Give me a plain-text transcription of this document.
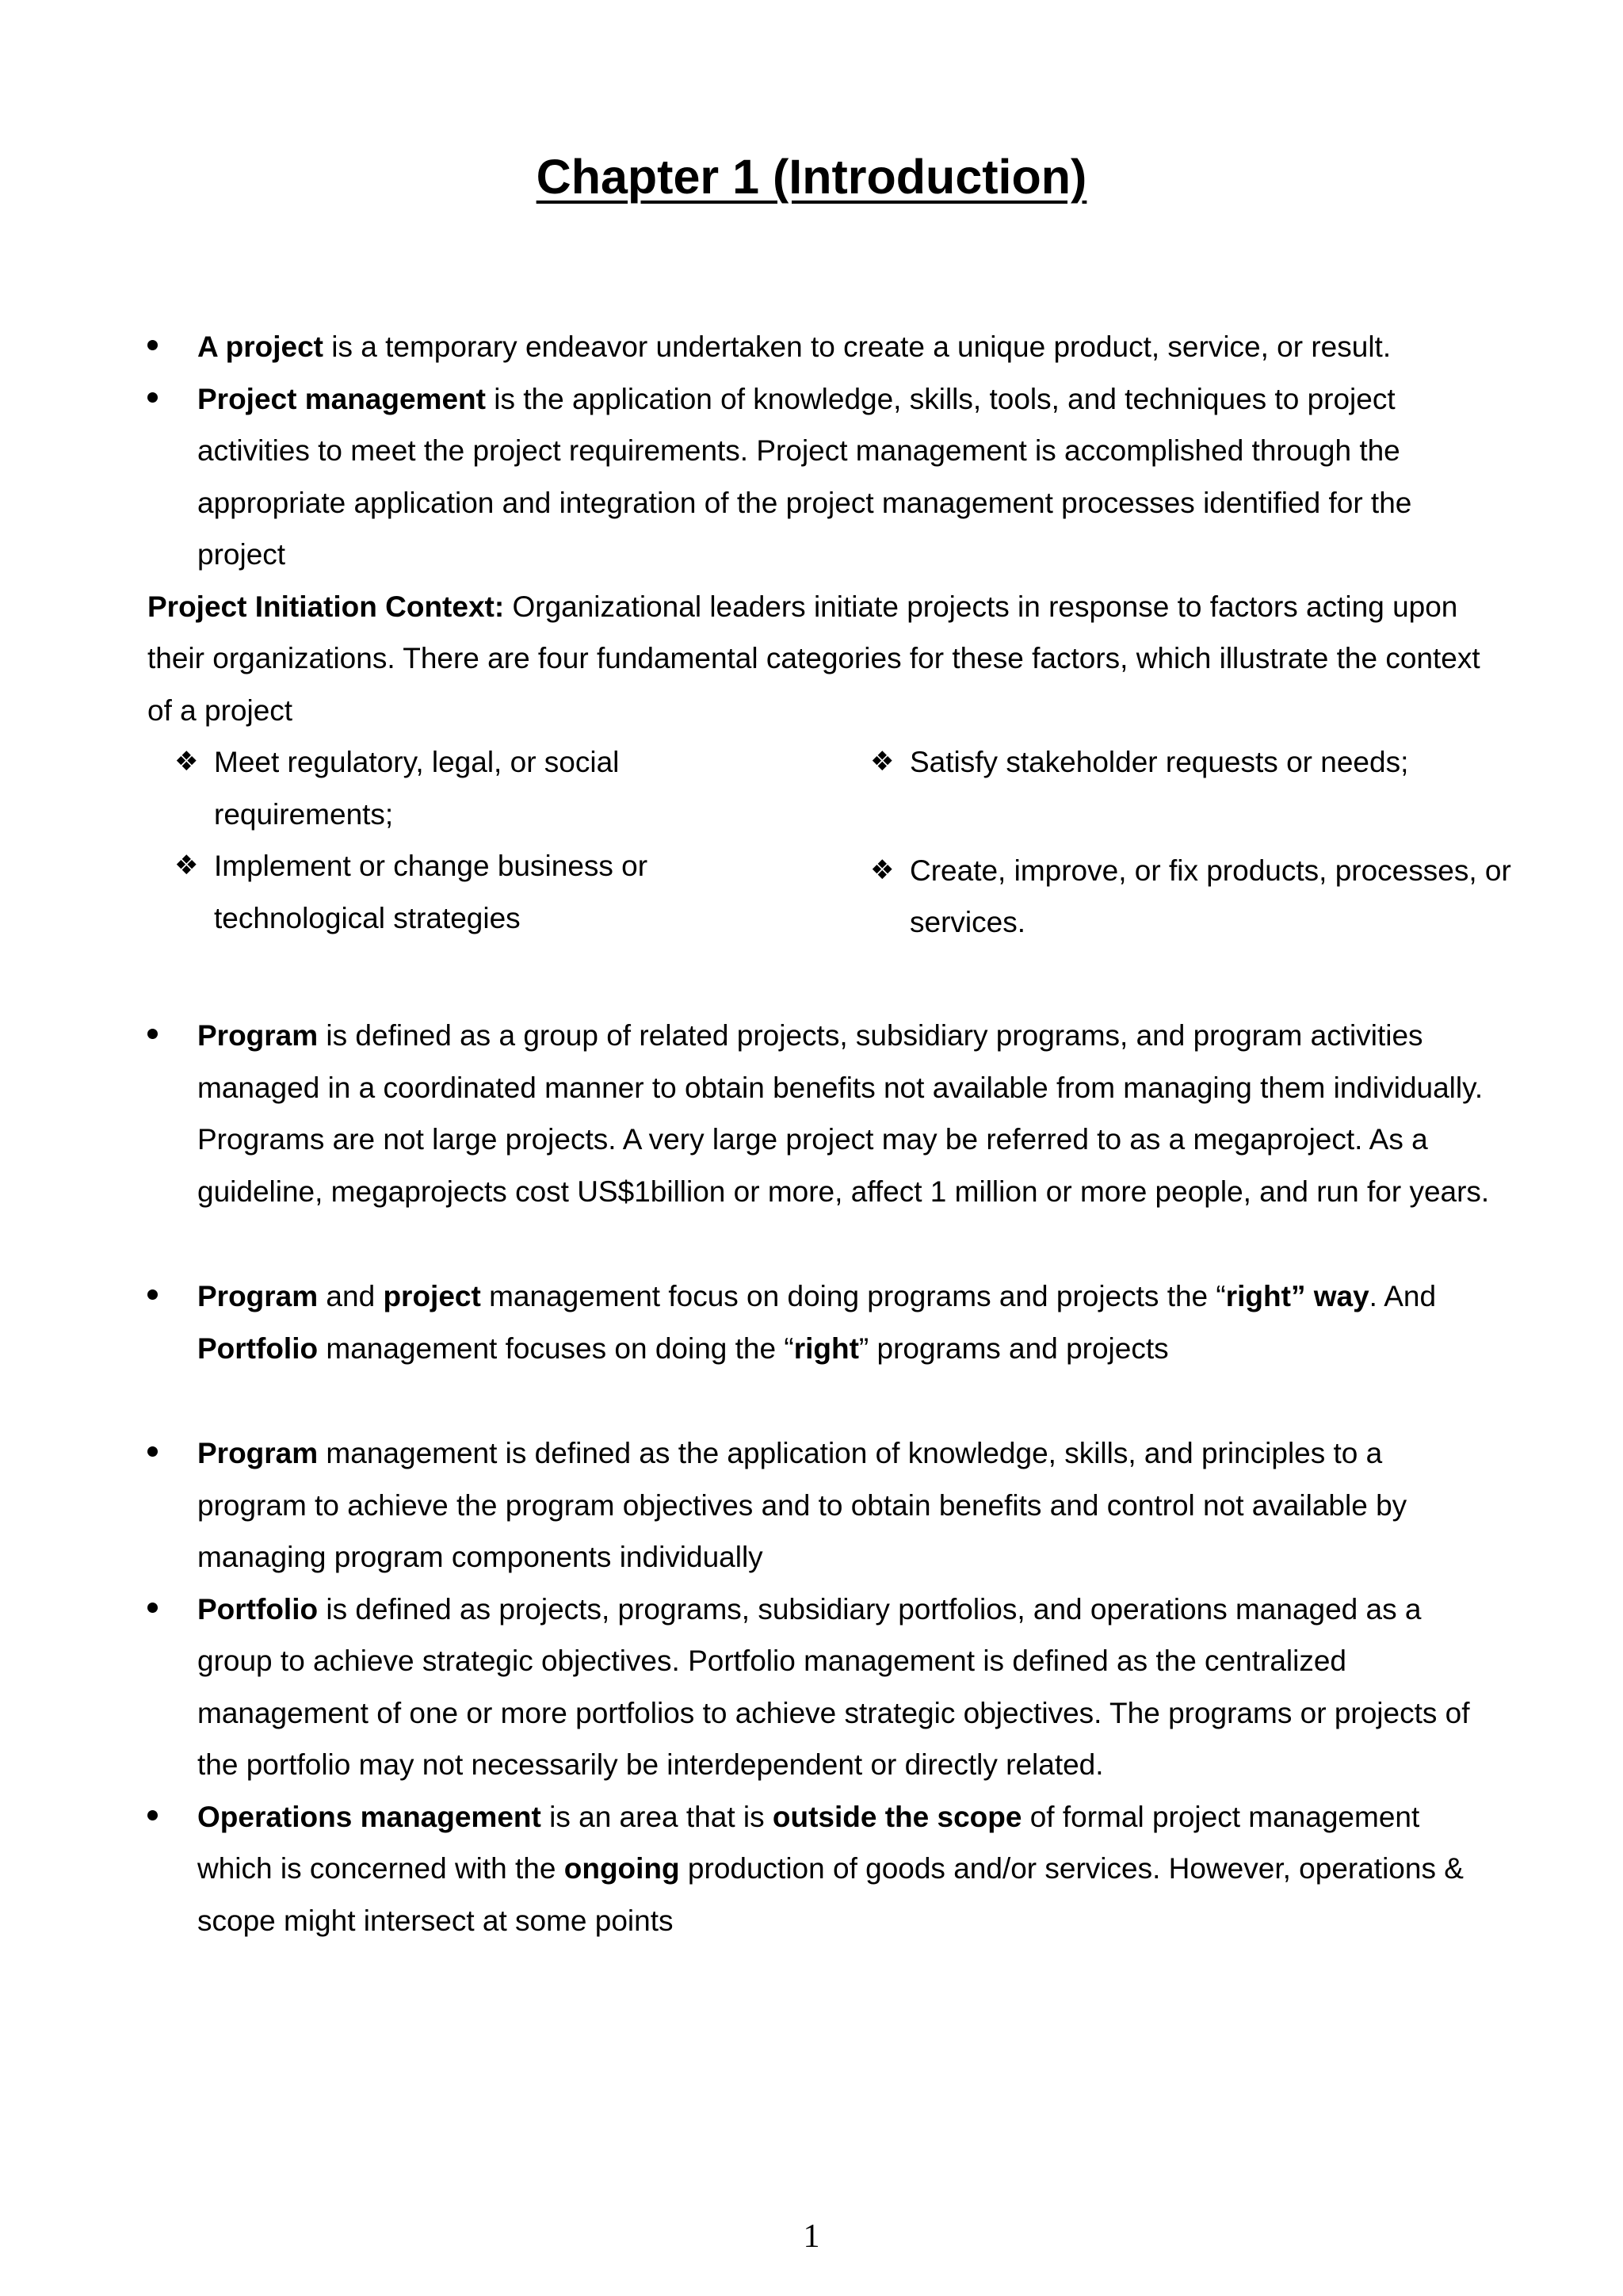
Chapter 1 (Introduction)
A project is a temporary endeavor undertaken to create a unique product, service, or result.
Project management is the application of knowledge, skills, tools, and techniques to project
activities to meet the project requirements. Project management is accomplished through the
appropriate application and integration of the project management processes identified for the
project
Project Initiation Context: Organizational leaders initiate projects in response to factors acting upon
their organizations. There are four fundamental categories for these factors, which illustrate the context
of a project
❖ Meet regulatory, legal, or social
requirements;
❖ Implement or change business or
technological strategies
❖ Satisfy stakeholder requests or needs;
❖ Create, improve, or fix products, processes, or
services.
Program is defined as a group of related projects, subsidiary programs, and program activities
managed in a coordinated manner to obtain benefits not available from managing them individually.
Programs are not large projects. A very large project may be referred to as a megaproject. As a
guideline, megaprojects cost US$1billion or more, affect 1 million or more people, and run for years.
Program and project management focus on doing programs and projects the “right” way. And
Portfolio management focuses on doing the “right” programs and projects
Program management is defined as the application of knowledge, skills, and principles to a
program to achieve the program objectives and to obtain benefits and control not available by
managing program components individually
Portfolio is defined as projects, programs, subsidiary portfolios, and operations managed as a
group to achieve strategic objectives. Portfolio management is defined as the centralized
management of one or more portfolios to achieve strategic objectives. The programs or projects of
the portfolio may not necessarily be interdependent or directly related.
Operations management is an area that is outside the scope of formal project management
which is concerned with the ongoing production of goods and/or services. However, operations &
scope might intersect at some points
1
